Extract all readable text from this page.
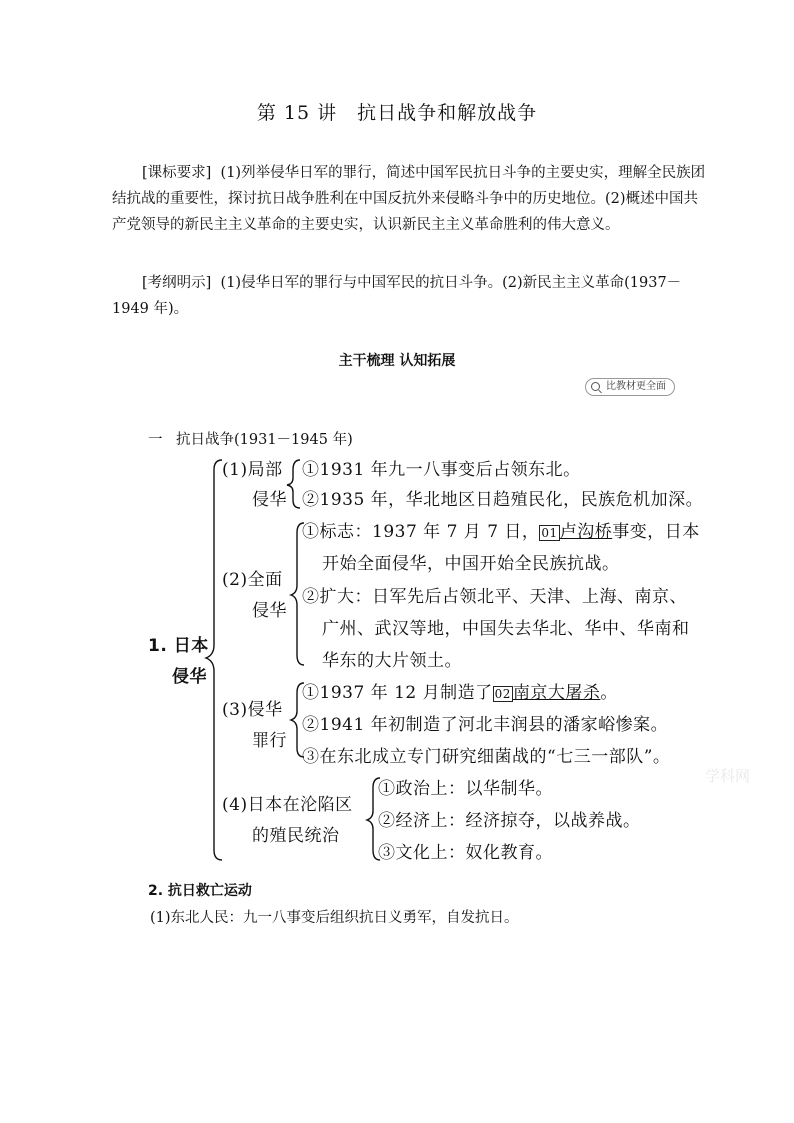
第 15 讲　抗日战争和解放战争
[课标要求] (1)列举侵华日军的罪行，简述中国军民抗日斗争的主要史实，理解全民族团结抗战的重要性，探讨抗日战争胜利在中国反抗外来侵略斗争中的历史地位。(2)概述中国共产党领导的新民主主义革命的主要史实，认识新民主主义革命胜利的伟大意义。
[考纲明示] (1)侵华日军的罪行与中国军民的抗日斗争。(2)新民主主义革命(1937－1949 年)。
主干梳理 认知拓展
比教材更全面
一 抗日战争(1931－1945 年)
1. 日本
侵华
(1)局部
侵华
①1931 年九一八事变后占领东北。
②1935 年，华北地区日趋殖民化，民族危机加深。
(2)全面
侵华
①标志：1937 年 7 月 7 日， 01 卢沟桥事变，日本
开始全面侵华，中国开始全民族抗战。
②扩大：日军先后占领北平、天津、上海、南京、
广州、武汉等地，中国失去华北、华中、华南和
华东的大片领土。
(3)侵华
罪行
①1937 年 12 月制造了 02 南京大屠杀。
②1941 年初制造了河北丰润县的潘家峪惨案。
③在东北成立专门研究细菌战的“七三一部队”。
(4)日本在沦陷区
的殖民统治
①政治上：以华制华。
②经济上：经济掠夺，以战养战。
③文化上：奴化教育。
学科网
2. 抗日救亡运动
(1)东北人民：九一八事变后组织抗日义勇军，自发抗日。
